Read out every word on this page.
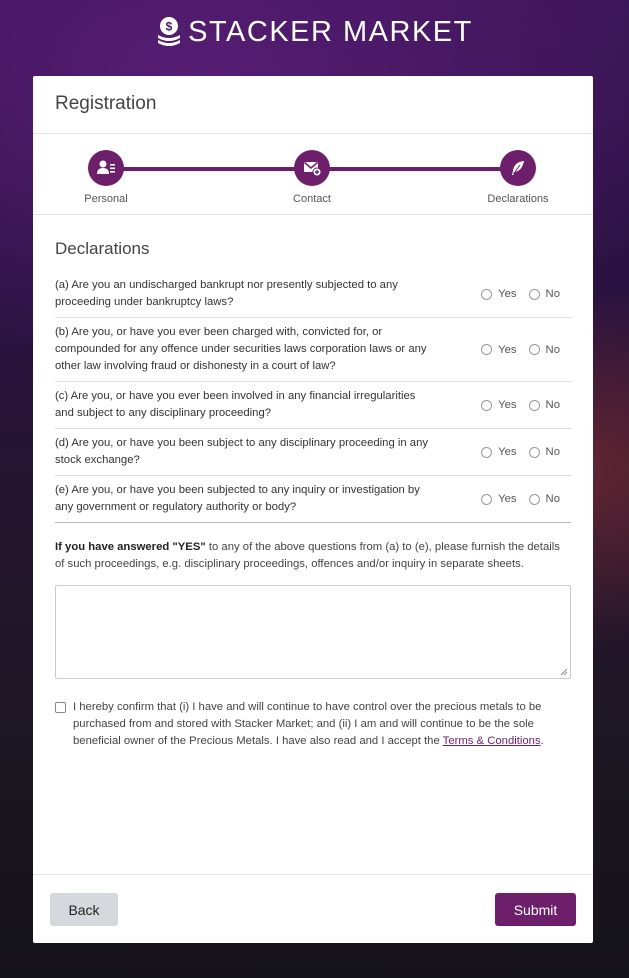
$ STACKER MARKET
Registration
Personal	Contact	Declarations
Declarations
(a) Are you an undischarged bankrupt nor presently subjected to any proceeding under bankruptcy laws?
Yes	No
(b) Are you, or have you ever been charged with, convicted for, or compounded for any offence under securities laws corporation laws or any other law involving fraud or dishonesty in a court of law?
Yes	No
(c) Are you, or have you ever been involved in any financial irregularities and subject to any disciplinary proceeding?
Yes	No
(d) Are you, or have you been subject to any disciplinary proceeding in any stock exchange?
Yes	No
(e) Are you, or have you been subjected to any inquiry or investigation by any government or regulatory authority or body?
Yes	No
If you have answered "YES" to any of the above questions from (a) to (e), please furnish the details of such proceedings, e.g. disciplinary proceedings, offences and/or inquiry in separate sheets.
I hereby confirm that (i) I have and will continue to have control over the precious metals to be purchased from and stored with Stacker Market; and (ii) I am and will continue to be the sole beneficial owner of the Precious Metals. I have also read and I accept the Terms & Conditions.
Back	Submit
